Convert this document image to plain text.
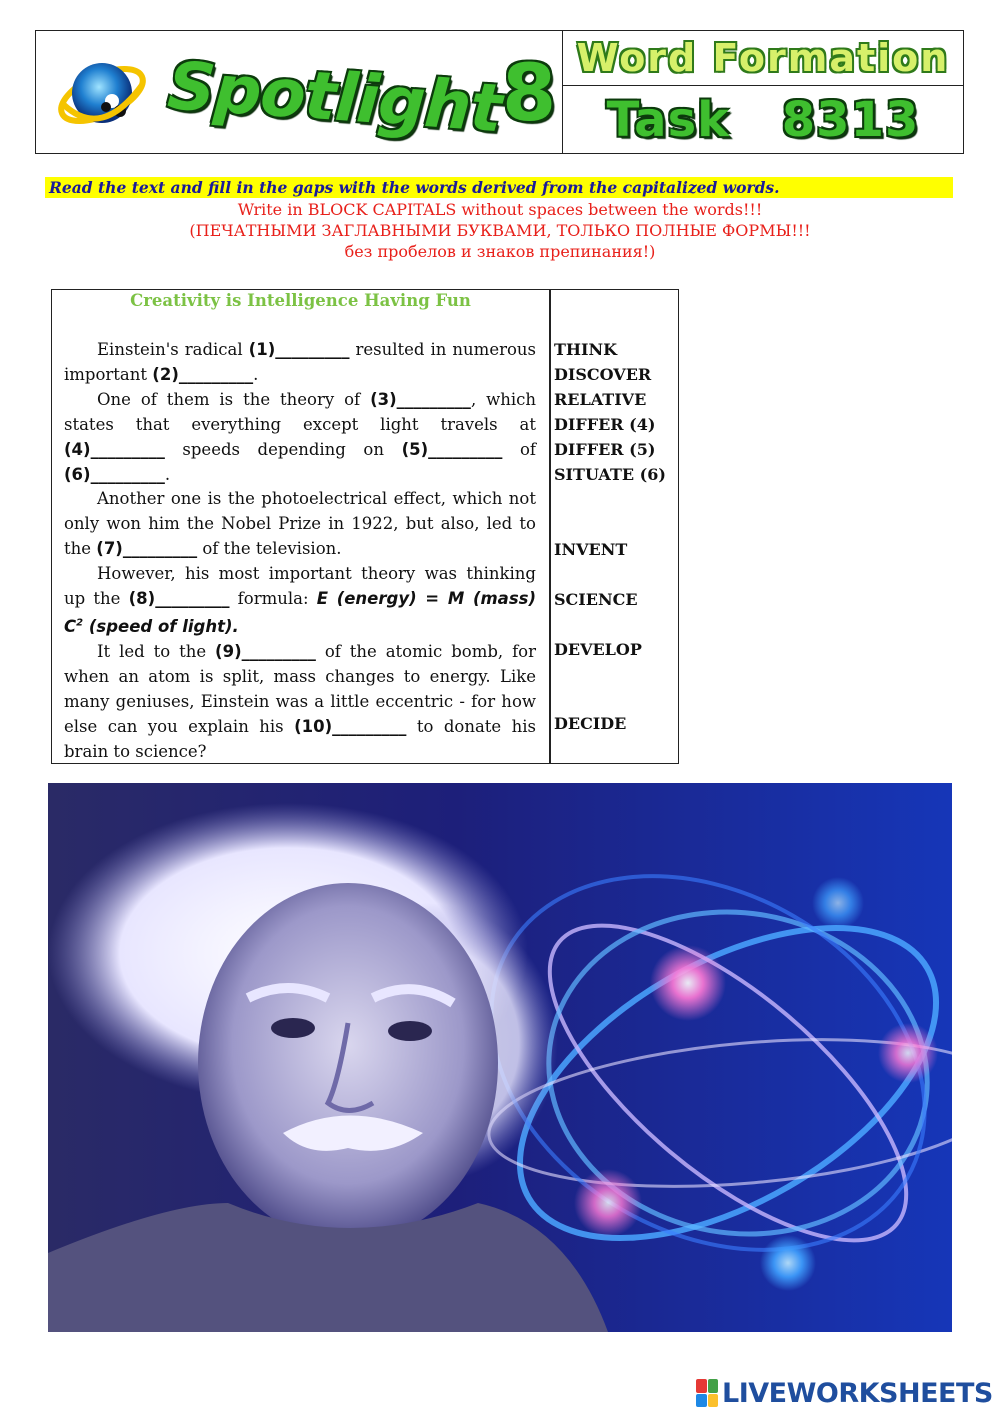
Spotlight
8 Word Formation
Task 8313
Read the text and fill in the gaps with the words derived from the capitalized words.
Write in BLOCK CAPITALS without spaces between the words!!!
(ПЕЧАТНЫМИ ЗАГЛАВНЫМИ БУКВАМИ, ТОЛЬКО ПОЛНЫЕ ФОРМЫ!!!
без пробелов и знаков препинания!)
Creativity is Intelligence Having Fun

Einstein's radical (1)_________ resulted in numerous important (2)_________.

One of them is the theory of (3)_________, which states that everything except light travels at (4)_________ speeds depending on (5)_________ of (6)_________.

Another one is the photoelectrical effect, which not only won him the Nobel Prize in 1922, but also, led to the (7)_________ of the television.

However, his most important theory was thinking up the (8)_________ formula: E (energy) = M (mass) $C^2$ (speed of light).

It led to the (9)_________ of the atomic bomb, for when an atom is split, mass changes to energy. Like many geniuses, Einstein was a little eccentric - for how else can you explain his (10)_________ to donate his brain to science?

THINK
DISCOVER
RELATIVE
DIFFER (4)
DIFFER (5)
SITUATE (6)
INVENT
SCIENCE
DEVELOP
DECIDE
LIVEWORKSHEETS
